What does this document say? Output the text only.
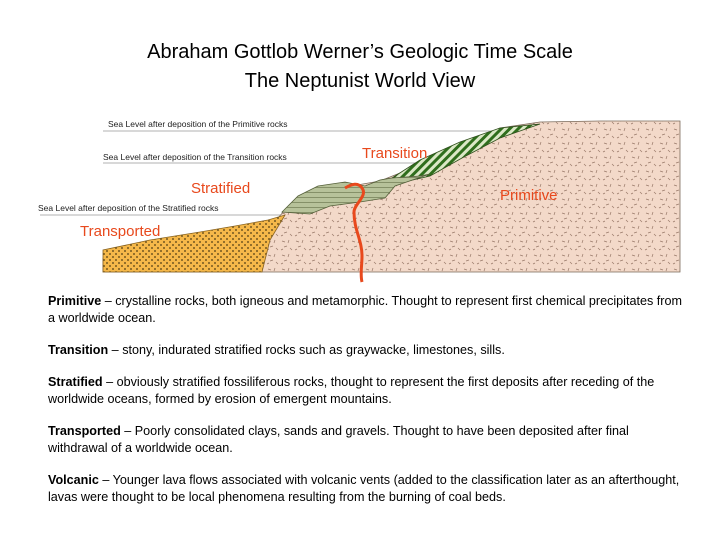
Abraham Gottlob Werner’s Geologic Time Scale
The Neptunist World View
Sea Level after deposition of the Primitive rocks
Sea Level after deposition of the Transition rocks
Sea Level after deposition of the Stratified rocks
Transition
Stratified	Primitive
Transported
Primitive – crystalline rocks, both igneous and metamorphic. Thought to represent first chemical precipitates from a worldwide ocean.
Transition – stony, indurated stratified rocks such as graywacke, limestones, sills.
Stratified – obviously stratified fossiliferous rocks, thought to represent the first deposits after receding of the worldwide oceans, formed by erosion of emergent mountains.
Transported – Poorly consolidated clays, sands and gravels. Thought to have been deposited after final withdrawal of a worldwide ocean.
Volcanic – Younger lava flows associated with volcanic vents (added to the classification later as an afterthought, lavas were thought to be local phenomena resulting from the burning of coal beds.
